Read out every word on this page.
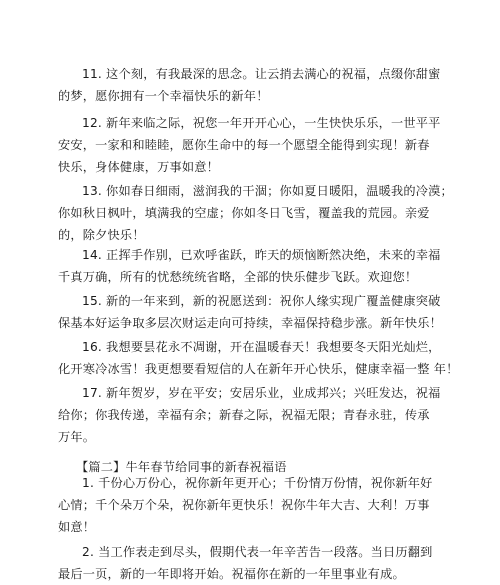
11. 这个刻，有我最深的思念。让云捎去满心的祝福，点缀你甜蜜
的梦，愿你拥有一个幸福快乐的新年！

12. 新年来临之际，祝您一年开开心心，一生快快乐乐，一世平平
安安，一家和和睦睦，愿你生命中的每一个愿望全能得到实现！新春
快乐，身体健康，万事如意！

13. 你如春日细雨，滋润我的干涸；你如夏日暖阳，温暖我的冷漠；
你如秋日枫叶，填满我的空虚；你如冬日飞雪，覆盖我的荒园。亲爱
的，除夕快乐！

14. 正挥手作别，已欢呼雀跃，昨天的烦恼断然决绝，未来的幸福
千真万确，所有的忧愁统统省略，全部的快乐健步飞跃。欢迎您！

15. 新的一年来到，新的祝愿送到：祝你人缘实现广覆盖健康突破
保基本好运争取多层次财运走向可持续，幸福保持稳步涨。新年快乐！

16. 我想要昙花永不凋谢，开在温暖春天！我想要冬天阳光灿烂，
化开寒冷冰雪！我更想要看短信的人在新年开心快乐，健康幸福一整 年！

17. 新年贺岁，岁在平安；安居乐业，业成邦兴；兴旺发达，祝福
给你；你我传递，幸福有余；新春之际，祝福无限；青春永驻，传承
万年。

【篇二】牛年春节给同事的新春祝福语

1. 千份心万份心，祝你新年更开心；千份情万份情，祝你新年好
心情；千个朵万个朵，祝你新年更快乐！祝你牛年大吉、大利！万事
如意！

2. 当工作表走到尽头，假期代表一年辛苦告一段落。当日历翻到
最后一页，新的一年即将开始。祝福你在新的一年里事业有成。
